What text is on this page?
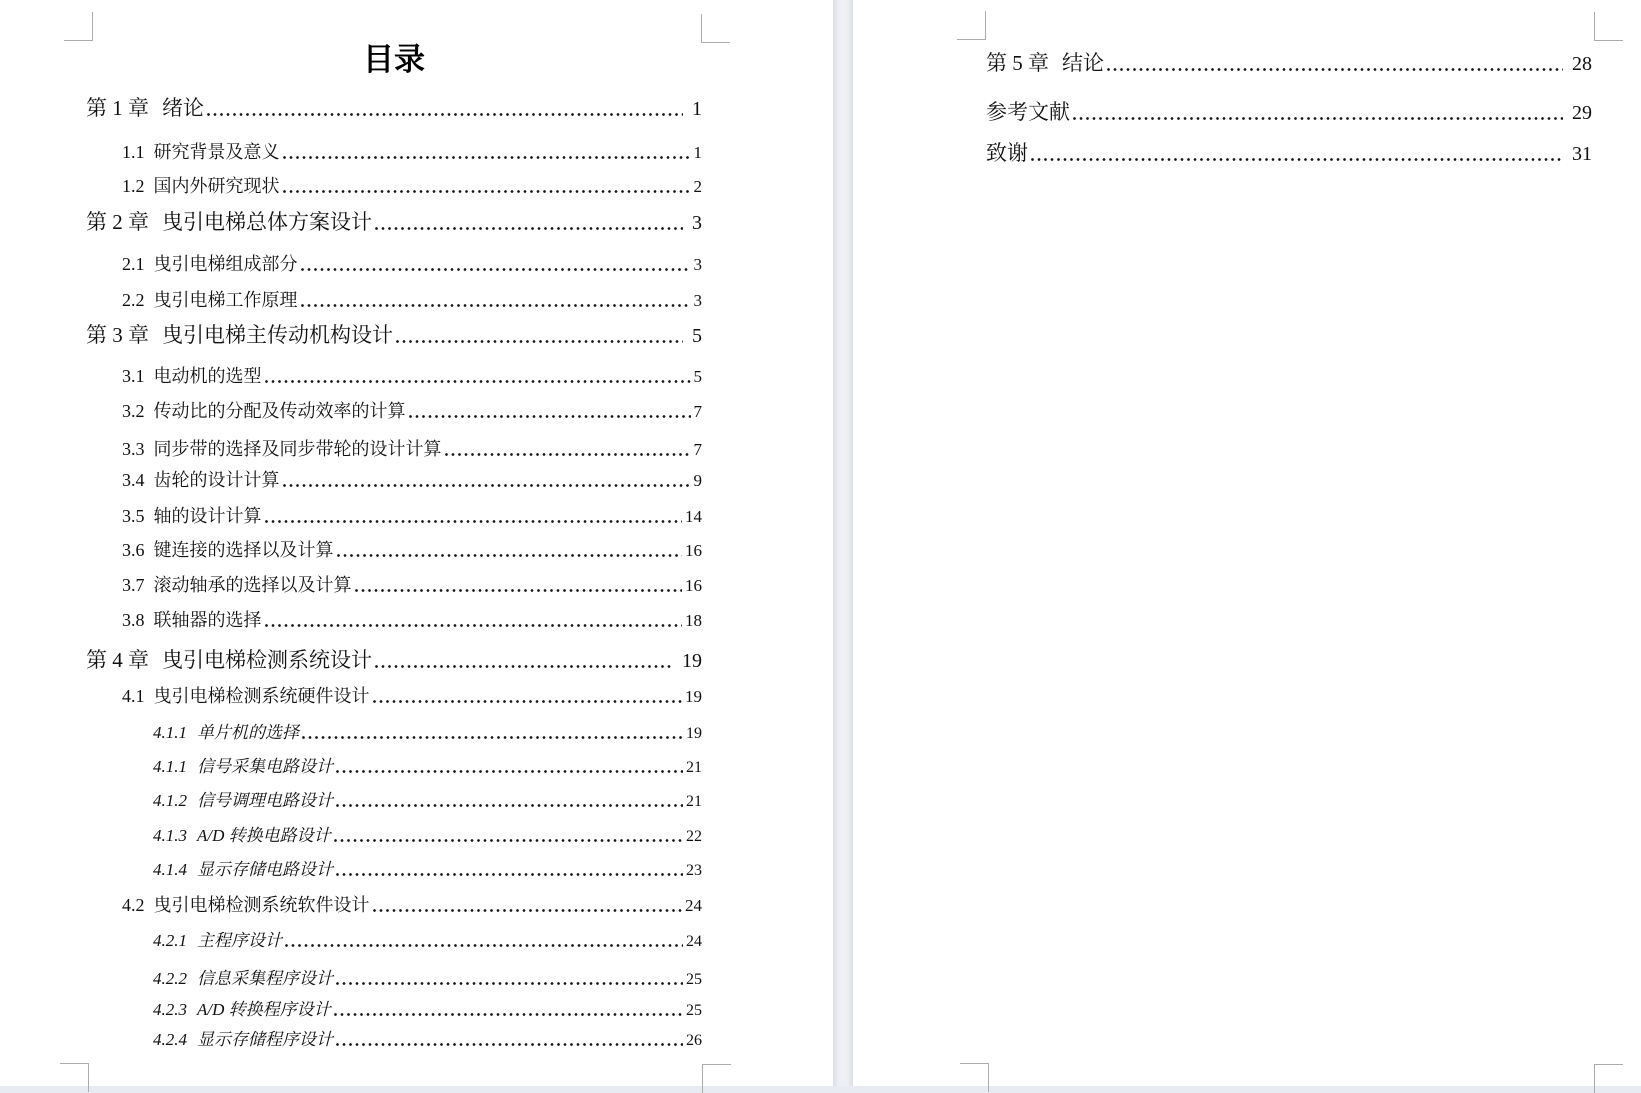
目录
第 1 章 绪论	1
1.1 研究背景及意义	1
1.2 国内外研究现状	2
第 2 章 曳引电梯总体方案设计	3
2.1 曳引电梯组成部分	3
2.2 曳引电梯工作原理	3
第 3 章 曳引电梯主传动机构设计	5
3.1 电动机的选型	5
3.2 传动比的分配及传动效率的计算	7
3.3 同步带的选择及同步带轮的设计计算	7
3.4 齿轮的设计计算	9
3.5 轴的设计计算	14
3.6 键连接的选择以及计算	16
3.7 滚动轴承的选择以及计算	16
3.8 联轴器的选择	18
第 4 章 曳引电梯检测系统设计	19
4.1 曳引电梯检测系统硬件设计	19
4.1.1 单片机的选择	19
4.1.1 信号采集电路设计	21
4.1.2 信号调理电路设计	21
4.1.3 A/D 转换电路设计	22
4.1.4 显示存储电路设计	23
4.2 曳引电梯检测系统软件设计	24
4.2.1 主程序设计	24
4.2.2 信息采集程序设计	25
4.2.3 A/D 转换程序设计	25
4.2.4 显示存储程序设计	26
第 5 章 结论	28
参考文献	29
致谢	31
